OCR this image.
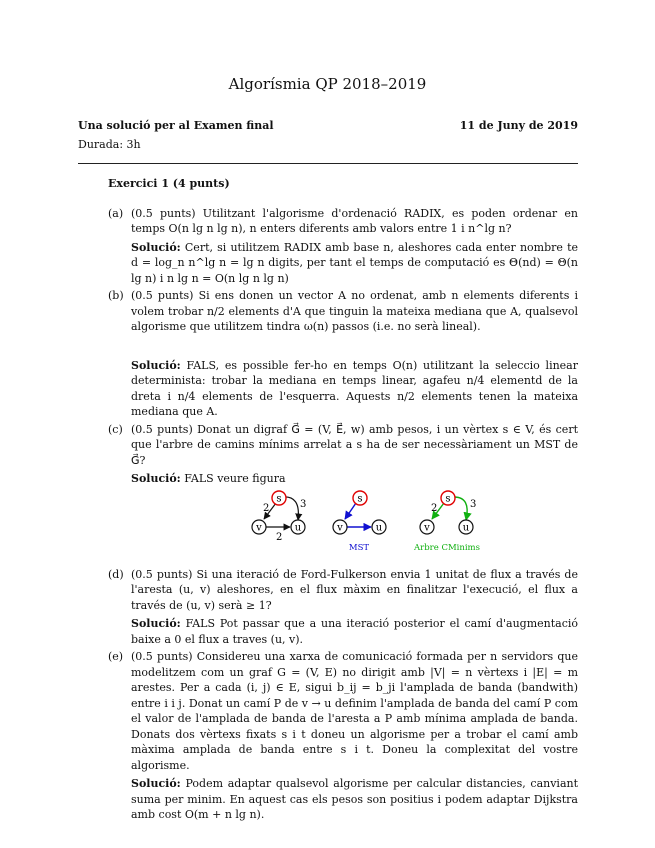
Algorísmia QP 2018–2019
Una solució per al Examen final	11 de Juny de 2019
Durada: 3h
Exercici 1 (4 punts)
(a) (0.5 punts) Utilitzant l'algorisme d'ordenació RADIX, es poden ordenar en temps O(n lg n lg n), n enters diferents amb valors entre 1 i n^lg n?
Solució: Cert, si utilitzem RADIX amb base n, aleshores cada enter nombre te d = log_n n^lg n = lg n digits, per tant el temps de computació es Θ(nd) = Θ(n lg n) i n lg n = O(n lg n lg n)
(b) (0.5 punts) Si ens donen un vector A no ordenat, amb n elements diferents i volem trobar n/2 elements d'A que tinguin la mateixa mediana que A, qualsevol algorisme que utilitzem tindra ω(n) passos (i.e. no serà lineal).
Solució: FALS, es possible fer-ho en temps O(n) utilitzant la seleccio linear determinista: trobar la mediana en temps linear, agafeu n/4 elementd de la dreta i n/4 elements de l'esquerra. Aquests n/2 elements tenen la mateixa mediana que A.
(c) (0.5 punts) Donat un digraf G⃗ = (V, E⃗, w) amb pesos, i un vèrtex s ∈ V, és cert que l'arbre de camins mínims arrelat a s ha de ser necessàriament un MST de G⃗?
Solució: FALS veure figura
s
v	u
2	3
2
s
v	u
MST
s
v	u
2	3
Arbre CMinims
(d) (0.5 punts) Si una iteració de Ford-Fulkerson envia 1 unitat de flux a través de l'aresta (u, v) aleshores, en el flux màxim en finalitzar l'execució, el flux a través de (u, v) serà ≥ 1?
Solució: FALS Pot passar que a una iteració posterior el camí d'augmentació baixe a 0 el flux a traves (u, v).
(e) (0.5 punts) Considereu una xarxa de comunicació formada per n servidors que modelitzem com un graf G = (V, E) no dirigit amb |V| = n vèrtexs i |E| = m arestes. Per a cada (i, j) ∈ E, sigui b_ij = b_ji l'amplada de banda (bandwith) entre i i j. Donat un camí P de v → u definim l'amplada de banda del camí P com el valor de l'amplada de banda de l'aresta a P amb mínima amplada de banda. Donats dos vèrtexs fixats s i t doneu un algorisme per a trobar el camí amb màxima amplada de banda entre s i t. Doneu la complexitat del vostre algorisme.
Solució: Podem adaptar qualsevol algorisme per calcular distancies, canviant suma per minim. En aquest cas els pesos son positius i podem adaptar Dijkstra amb cost O(m + n lg n).
